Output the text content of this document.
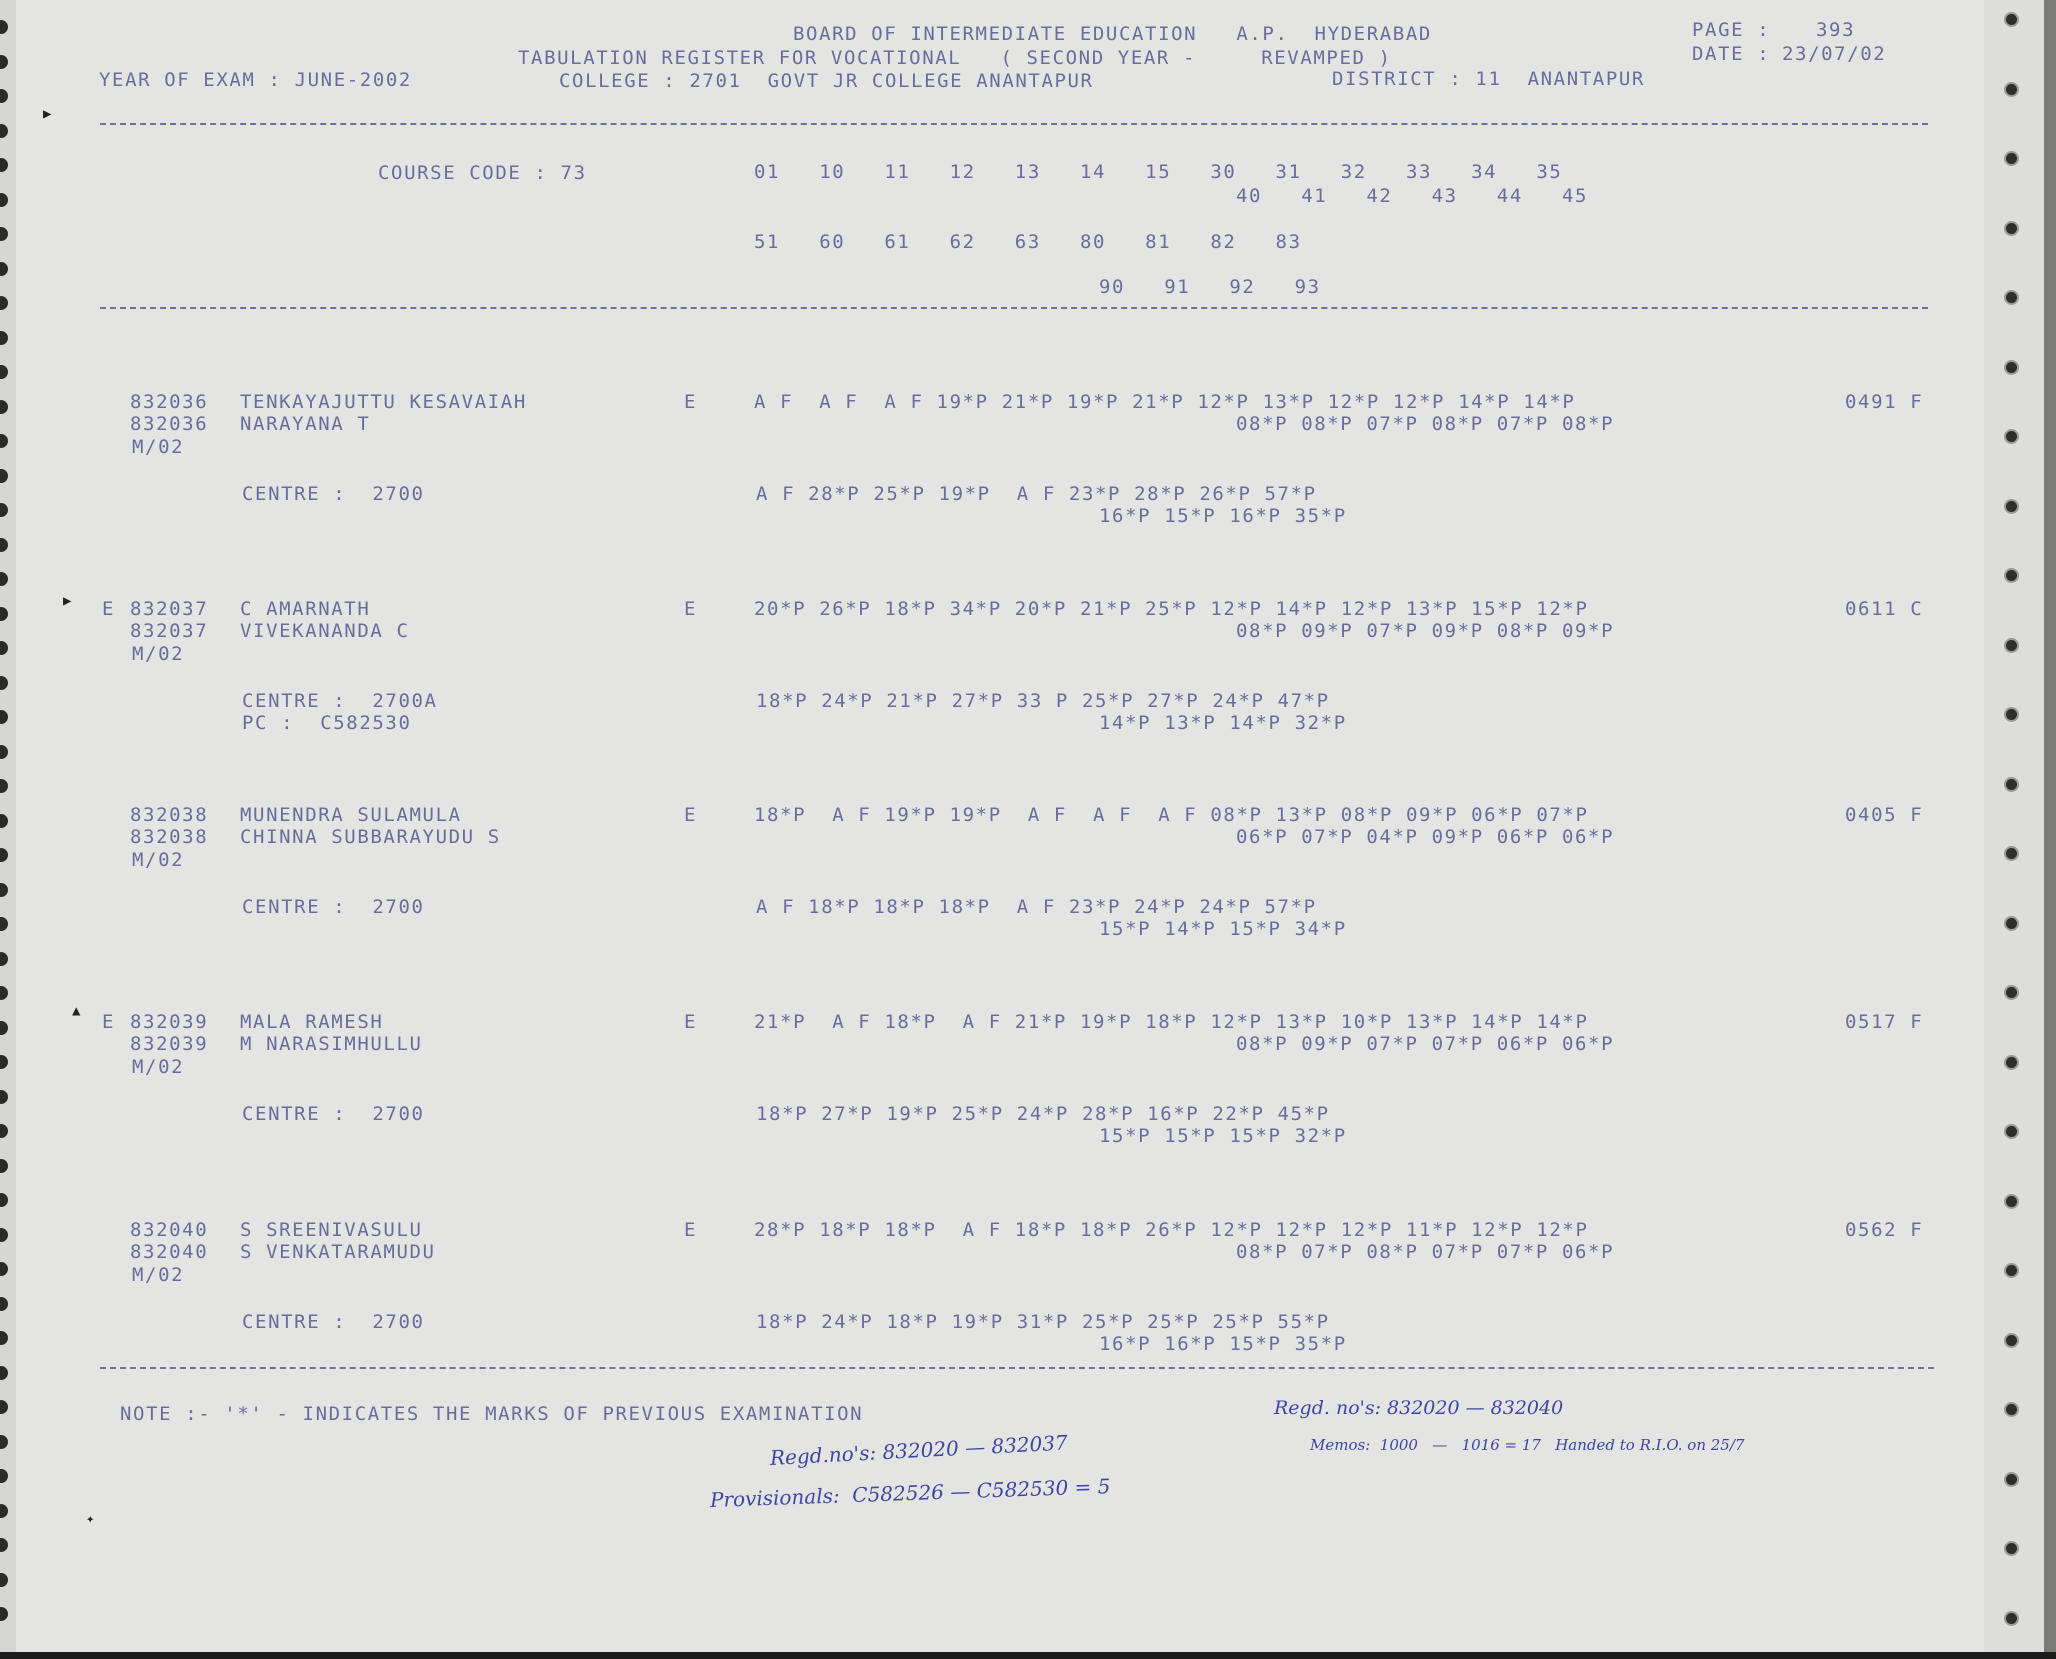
BOARD OF INTERMEDIATE EDUCATION   A.P.  HYDERABAD	PAGE : 393
TABULATION REGISTER FOR VOCATIONAL   ( SECOND YEAR -     REVAMPED )	DATE : 23/07/02
YEAR OF EXAM : JUNE-2002	COLLEGE : 2701  GOVT JR COLLEGE ANANTAPUR	DISTRICT : 11  ANANTAPUR
COURSE CODE : 73	01   10   11   12   13   14   15   30   31   32   33   34   35
40   41   42   43   44   45
51   60   61   62   63   80   81   82   83
90   91   92   93
832036 TENKAYAJUTTU KESAVAIAH	E	A F  A F  A F 19*P 21*P 19*P 21*P 12*P 13*P 12*P 12*P 14*P 14*P	0491 F
832036 NARAYANA T	08*P 08*P 07*P 08*P 07*P 08*P
M/02
CENTRE :  2700	A F 28*P 25*P 19*P  A F 23*P 28*P 26*P 57*P
16*P 15*P 16*P 35*P
E 832037 C AMARNATH	E	20*P 26*P 18*P 34*P 20*P 21*P 25*P 12*P 14*P 12*P 13*P 15*P 12*P	0611 C
832037 VIVEKANANDA C	08*P 09*P 07*P 09*P 08*P 09*P
M/02
CENTRE :  2700A	18*P 24*P 21*P 27*P 33 P 25*P 27*P 24*P 47*P
PC :  C582530	14*P 13*P 14*P 32*P
832038 MUNENDRA SULAMULA	E	18*P  A F 19*P 19*P  A F  A F  A F 08*P 13*P 08*P 09*P 06*P 07*P	0405 F
832038 CHINNA SUBBARAYUDU S	06*P 07*P 04*P 09*P 06*P 06*P
M/02
CENTRE :  2700	A F 18*P 18*P 18*P  A F 23*P 24*P 24*P 57*P
15*P 14*P 15*P 34*P
E 832039 MALA RAMESH	E	21*P  A F 18*P  A F 21*P 19*P 18*P 12*P 13*P 10*P 13*P 14*P 14*P	0517 F
832039 M NARASIMHULLU	08*P 09*P 07*P 07*P 06*P 06*P
M/02
CENTRE :  2700	18*P 27*P 19*P 25*P 24*P 28*P 16*P 22*P 45*P
15*P 15*P 15*P 32*P
832040 S SREENIVASULU	E	28*P 18*P 18*P  A F 18*P 18*P 26*P 12*P 12*P 12*P 11*P 12*P 12*P	0562 F
832040 S VENKATARAMUDU	08*P 07*P 08*P 07*P 07*P 06*P
M/02
CENTRE :  2700	18*P 24*P 18*P 19*P 31*P 25*P 25*P 25*P 55*P
16*P 16*P 15*P 35*P
NOTE :- '*' - INDICATES THE MARKS OF PREVIOUS EXAMINATION	Regd. no's: 832020 — 832040
Memos:  1000   —   1016 = 17   Handed to R.I.O. on 25/7
Regd.no's: 832020 — 832037
Provisionals:  C582526 — C582530 = 5
▶
▶
▲
✦
